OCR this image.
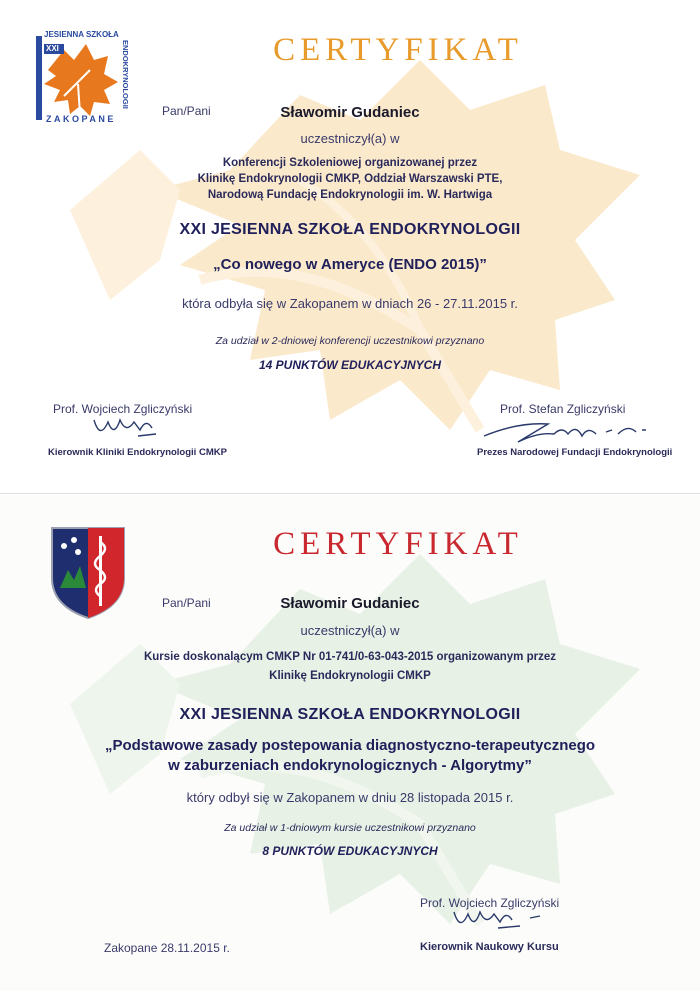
JESIENNA SZKOŁA
XXI	ENDOKRYNOLOGII
ZAKOPANE
CERTYFIKAT
Pan/Pani	Sławomir Gudaniec
uczestniczył(a) w
Konferencji Szkoleniowej organizowanej przez
Klinikę Endokrynologii CMKP, Oddział Warszawski PTE,
Narodową Fundację Endokrynologii im. W. Hartwiga
XXI JESIENNA SZKOŁA ENDOKRYNOLOGII
„Co nowego w Ameryce (ENDO 2015)”
która odbyła się w Zakopanem w dniach 26 - 27.11.2015 r.
Za udział w 2-dniowej konferencji uczestnikowi przyznano
14 PUNKTÓW EDUKACYJNYCH
Prof. Wojciech Zgliczyński
Kierownik Kliniki Endokrynologii CMKP
Prof. Stefan Zgliczyński
Prezes Narodowej Fundacji Endokrynologii
CERTYFIKAT
Pan/Pani	Sławomir Gudaniec
uczestniczył(a) w
Kursie doskonalącym CMKP Nr 01-741/0-63-043-2015 organizowanym przez
Klinikę Endokrynologii CMKP
XXI JESIENNA SZKOŁA ENDOKRYNOLOGII
„Podstawowe zasady postepowania diagnostyczno-terapeutycznego
w zaburzeniach endokrynologicznych - Algorytmy”
który odbył się w Zakopanem w dniu 28 listopada 2015 r.
Za udział w 1-dniowym kursie uczestnikowi przyznano
8 PUNKTÓW EDUKACYJNYCH
Prof. Wojciech Zgliczyński
Kierownik Naukowy Kursu
Zakopane 28.11.2015 r.
